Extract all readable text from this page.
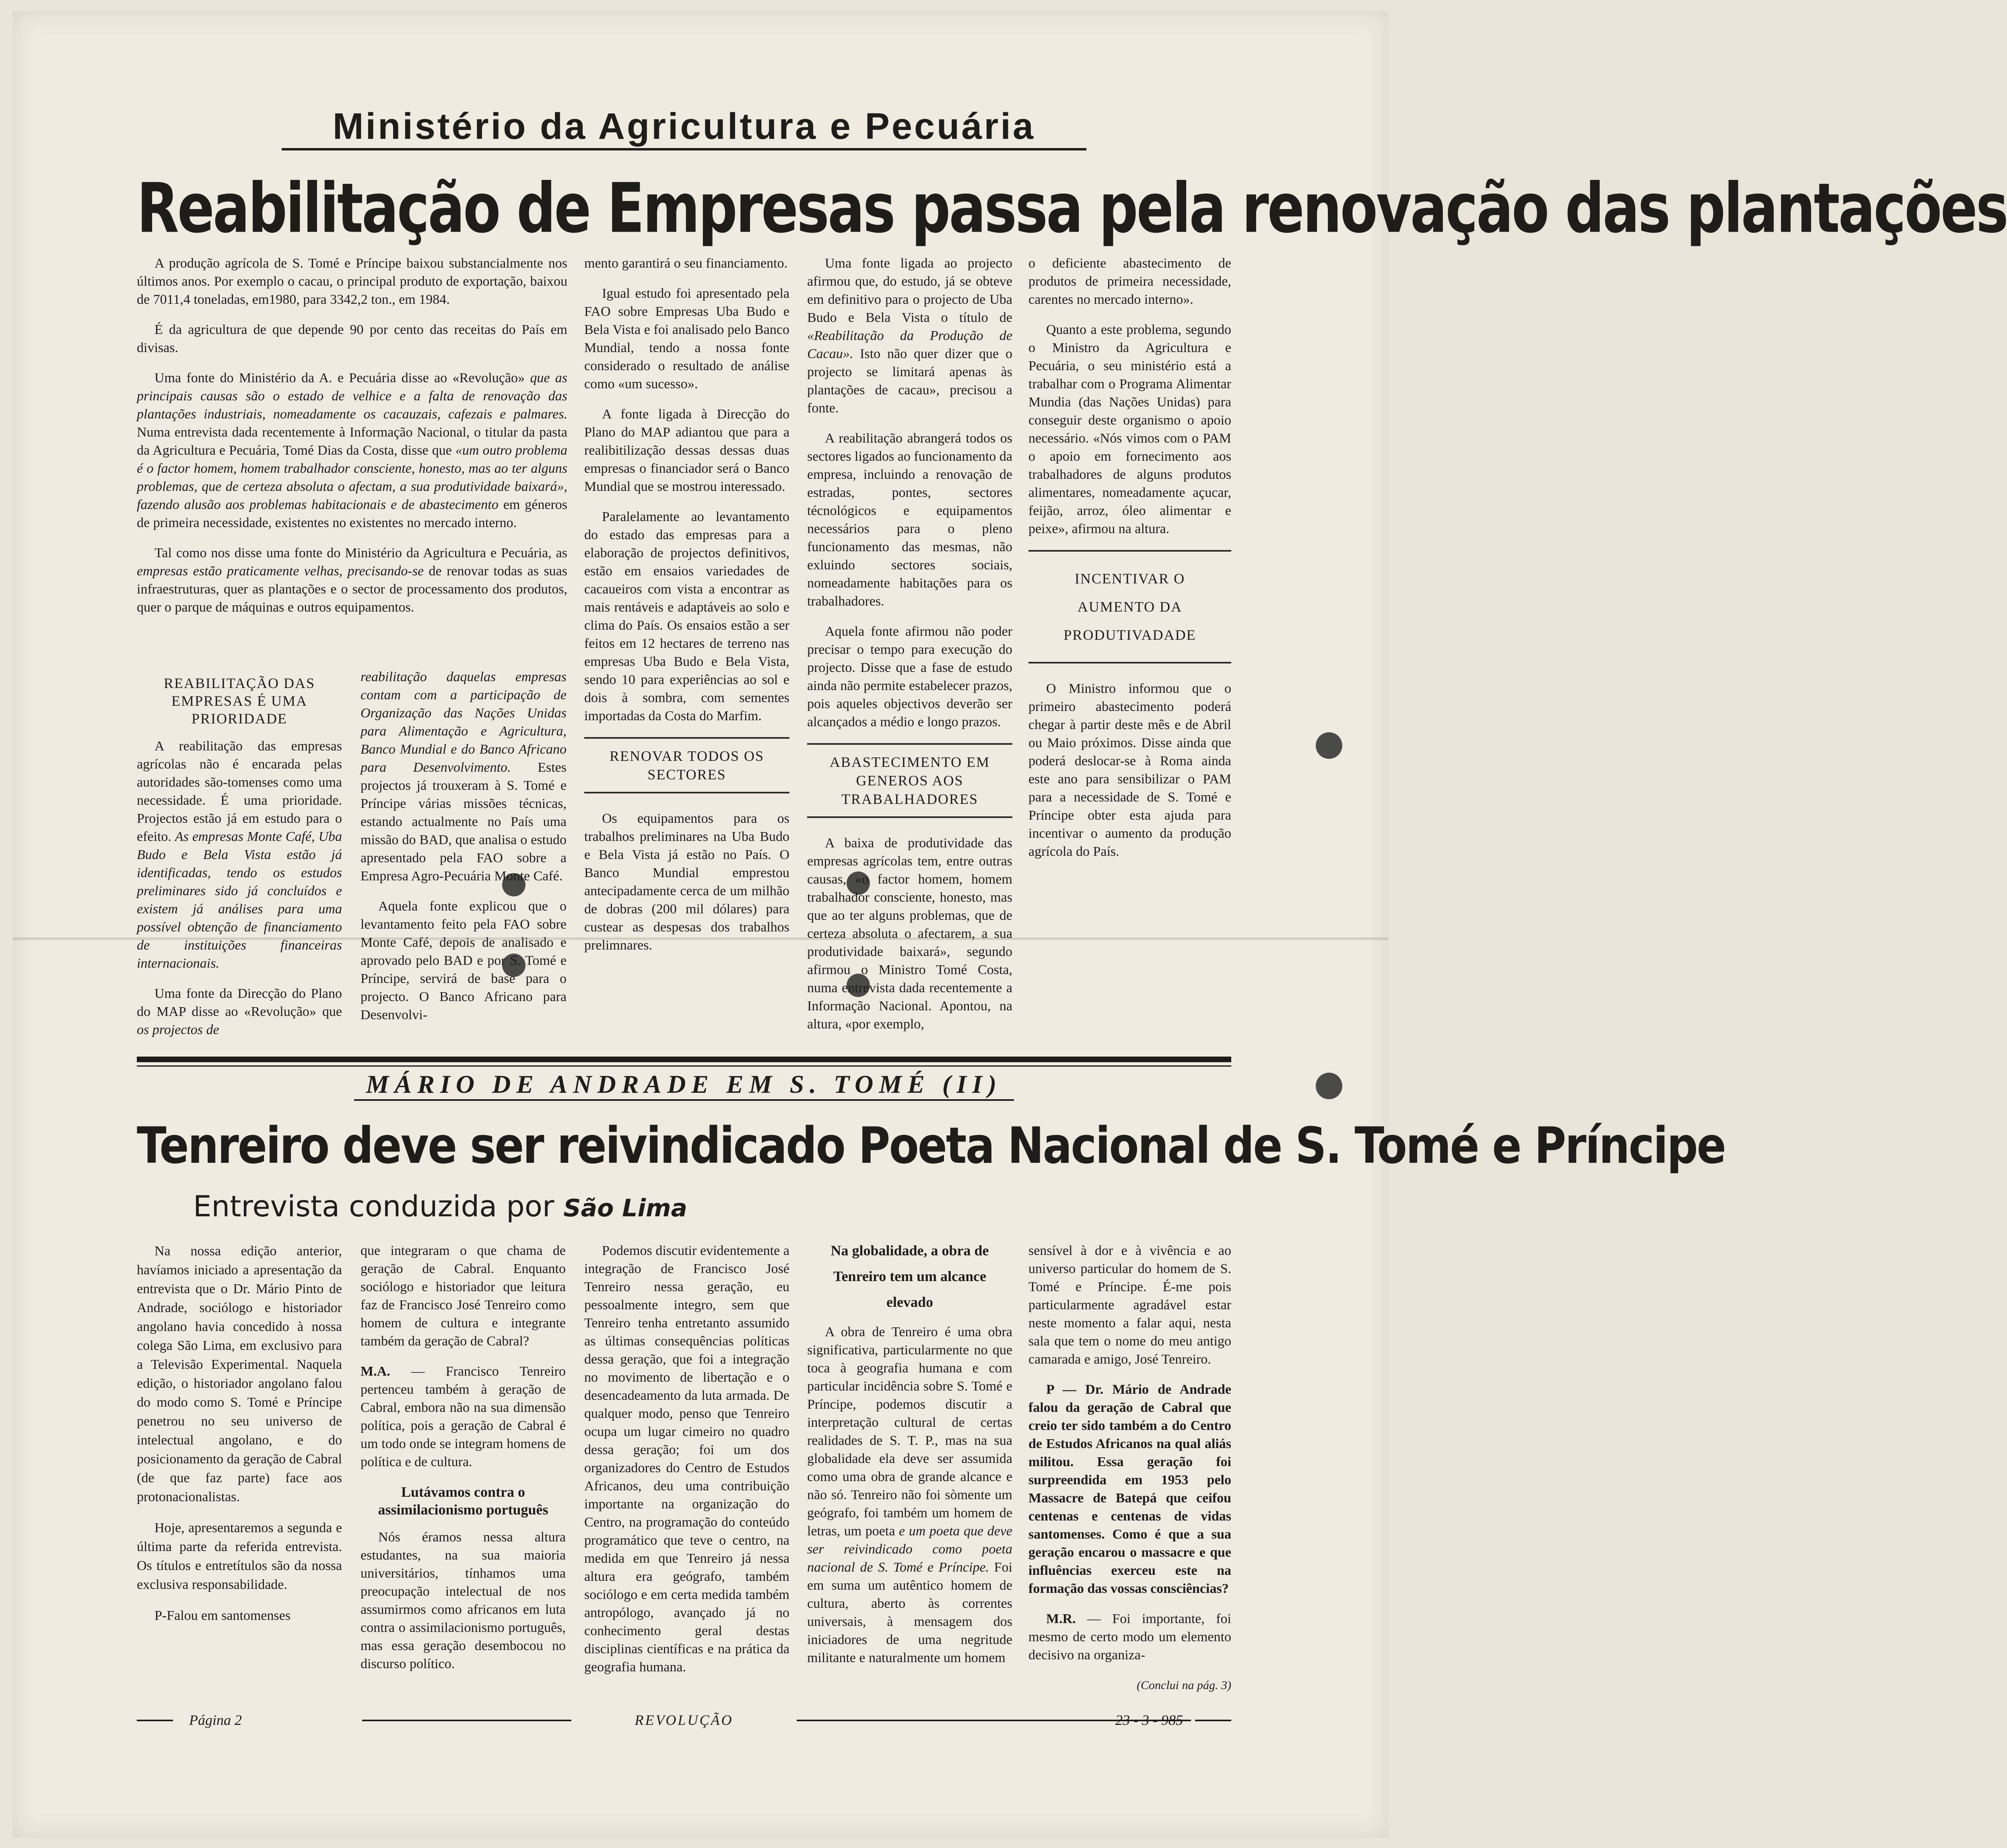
Ministério da Agricultura e Pecuária
Reabilitação de Empresas passa pela renovação das plantações

A produção agrícola de S. Tomé e Príncipe baixou substancialmente nos últimos anos. Por exemplo o cacau, o principal produto de exportação, baixou de 7011,4 toneladas, em1980, para 3342,2 ton., em 1984.

É da agricultura de que depende 90 por cento das receitas do País em divisas.

Uma fonte do Ministério da A. e Pecuária disse ao «Revolução» que as principais causas são o estado de velhice e a falta de renovação das plantações industriais, nomeadamente os cacauzais, cafezais e palmares. Numa entrevista dada recentemente à Informação Nacional, o titular da pasta da Agricultura e Pecuária, Tomé Dias da Costa, disse que «um outro problema é o factor homem, homem trabalhador consciente, honesto, mas ao ter alguns problemas, que de certeza absoluta o afectam, a sua produtividade baixará», fazendo alusão aos problemas habitacionais e de abastecimento em géneros de primeira necessidade, existentes no existentes no mercado interno.

Tal como nos disse uma fonte do Ministério da Agricultura e Pecuária, as empresas estão praticamente velhas, precisando-se de renovar todas as suas infraestruturas, quer as plantações e o sector de processamento dos produtos, quer o parque de máquinas e outros equipamentos.

REABILITAÇÃO DAS EMPRESAS É UMA PRIORIDADE

A reabilitação das empresas agrícolas não é encarada pelas autoridades são-tomenses como uma necessidade. É uma prioridade. Projectos estão já em estudo para o efeito. As empresas Monte Café, Uba Budo e Bela Vista estão já identificadas, tendo os estudos preliminares sido já concluídos e existem já análises para uma possível obtenção de financiamento de instituições financeiras internacionais.

Uma fonte da Direcção do Plano do MAP disse ao «Revolução» que os projectos de

reabilitação daquelas empresas contam com a participação de Organização das Nações Unidas para Alimentação e Agricultura, Banco Mundial e do Banco Africano para Desenvolvimento. Estes projectos já trouxeram à S. Tomé e Príncipe várias missões técnicas, estando actualmente no País uma missão do BAD, que analisa o estudo apresentado pela FAO sobre a Empresa Agro-Pecuária Monte Café.

Aquela fonte explicou que o levantamento feito pela FAO sobre Monte Café, depois de analisado e aprovado pelo BAD e por S. Tomé e Príncipe, servirá de base para o projecto. O Banco Africano para Desenvolvi-

mento garantirá o seu financiamento.

Igual estudo foi apresentado pela FAO sobre Empresas Uba Budo e Bela Vista e foi analisado pelo Banco Mundial, tendo a nossa fonte considerado o resultado de análise como «um sucesso».

A fonte ligada à Direcção do Plano do MAP adiantou que para a realibitilização dessas dessas duas empresas o financiador será o Banco Mundial que se mostrou interessado.

Paralelamente ao levantamento do estado das empresas para a elaboração de projectos definitivos, estão em ensaios variedades de cacaueiros com vista a encontrar as mais rentáveis e adaptáveis ao solo e clima do País. Os ensaios estão a ser feitos em 12 hectares de terreno nas empresas Uba Budo e Bela Vista, sendo 10 para experiências ao sol e dois à sombra, com sementes importadas da Costa do Marfim.

RENOVAR TODOS OS SECTORES

Os equipamentos para os trabalhos preliminares na Uba Budo e Bela Vista já estão no País. O Banco Mundial emprestou antecipadamente cerca de um milhão de dobras (200 mil dólares) para custear as despesas dos trabalhos prelimnares.

Uma fonte ligada ao projecto afirmou que, do estudo, já se obteve em definitivo para o projecto de Uba Budo e Bela Vista o título de «Reabilitação da Produção de Cacau». Isto não quer dizer que o projecto se limitará apenas às plantações de cacau», precisou a fonte.

A reabilitação abrangerá todos os sectores ligados ao funcionamento da empresa, incluindo a renovação de estradas, pontes, sectores técnológicos e equipamentos necessários para o pleno funcionamento das mesmas, não exluindo sectores sociais, nomeadamente habitações para os trabalhadores.

Aquela fonte afirmou não poder precisar o tempo para execução do projecto. Disse que a fase de estudo ainda não permite estabelecer prazos, pois aqueles objectivos deverão ser alcançados a médio e longo prazos.

ABASTECIMENTO EM GENEROS AOS TRABALHADORES

A baixa de produtividade das empresas agrícolas tem, entre outras causas, «o factor homem, homem trabalhador consciente, honesto, mas que ao ter alguns problemas, que de certeza absoluta o afectarem, a sua produtividade baixará», segundo afirmou o Ministro Tomé Costa, numa entrevista dada recentemente a Informação Nacional. Apontou, na altura, «por exemplo,

o deficiente abastecimento de produtos de primeira necessidade, carentes no mercado interno».

Quanto a este problema, segundo o Ministro da Agricultura e Pecuária, o seu ministério está a trabalhar com o Programa Alimentar Mundia (das Nações Unidas) para conseguir deste organismo o apoio necessário. «Nós vimos com o PAM o apoio em fornecimento aos trabalhadores de alguns produtos alimentares, nomeadamente açucar, feijão, arroz, óleo alimentar e peixe», afirmou na altura.

INCENTIVAR O
AUMENTO DA
PRODUTIVADADE

O Ministro informou que o primeiro abastecimento poderá chegar à partir deste mês e de Abril ou Maio próximos. Disse ainda que poderá deslocar-se à Roma ainda este ano para sensibilizar o PAM para a necessidade de S. Tomé e Príncipe obter esta ajuda para incentivar o aumento da produção agrícola do País.

MÁRIO DE ANDRADE EM S. TOMÉ (II)
Tenreiro deve ser reivindicado Poeta Nacional de S. Tomé e Príncipe
Entrevista conduzida por São Lima

Na nossa edição anterior, havíamos iniciado a apresentação da entrevista que o Dr. Mário Pinto de Andrade, sociólogo e historiador angolano havia concedido à nossa colega São Lima, em exclusivo para a Televisão Experimental. Naquela edição, o historiador angolano falou do modo como S. Tomé e Príncipe penetrou no seu universo de intelectual angolano, e do posicionamento da geração de Cabral (de que faz parte) face aos protonacionalistas.

Hoje, apresentaremos a segunda e última parte da referida entrevista. Os títulos e entretítulos são da nossa exclusiva responsabilidade.

P-Falou em santomenses

que integraram o que chama de geração de Cabral. Enquanto sociólogo e historiador que leitura faz de Francisco José Tenreiro como homem de cultura e integrante também da geração de Cabral?

M.A. — Francisco Tenreiro pertenceu também à geração de Cabral, embora não na sua dimensão política, pois a geração de Cabral é um todo onde se integram homens de política e de cultura.

Lutávamos contra o assimilacionismo português

Nós éramos nessa altura estudantes, na sua maioria universitários, tínhamos uma preocupação intelectual de nos assumirmos como africanos em luta contra o assimilacionismo português, mas essa geração desembocou no discurso político.

Podemos discutir evidentemente a integração de Francisco José Tenreiro nessa geração, eu pessoalmente integro, sem que Tenreiro tenha entretanto assumido as últimas consequências políticas dessa geração, que foi a integração no movimento de libertação e o desencadeamento da luta armada. De qualquer modo, penso que Tenreiro ocupa um lugar cimeiro no quadro dessa geração; foi um dos organizadores do Centro de Estudos Africanos, deu uma contribuição importante na organização do Centro, na programação do conteúdo programático que teve o centro, na medida em que Tenreiro já nessa altura era geógrafo, também sociólogo e em certa medida também antropólogo, avançado já no conhecimento geral destas disciplinas científicas e na prática da geografia humana.

Na globalidade, a obra de
Tenreiro tem um alcance
elevado

A obra de Tenreiro é uma obra significativa, particularmente no que toca à geografia humana e com particular incidência sobre S. Tomé e Príncipe, podemos discutir a interpretação cultural de certas realidades de S. T. P., mas na sua globalidade ela deve ser assumida como uma obra de grande alcance e não só. Tenreiro não foi sòmente um geógrafo, foi também um homem de letras, um poeta e um poeta que deve ser reivindicado como poeta nacional de S. Tomé e Príncipe. Foi em suma um autêntico homem de cultura, aberto às correntes universais, à mensagem dos iniciadores de uma negritude militante e naturalmente um homem

sensível à dor e à vivência e ao universo particular do homem de S. Tomé e Príncipe. É-me pois particularmente agradável estar neste momento a falar aqui, nesta sala que tem o nome do meu antigo camarada e amigo, José Tenreiro.

P — Dr. Mário de Andrade falou da geração de Cabral que creio ter sido também a do Centro de Estudos Africanos na qual aliás militou. Essa geração foi surpreendida em 1953 pelo Massacre de Batepá que ceifou centenas e centenas de vidas santomenses. Como é que a sua geração encarou o massacre e que influências exerceu este na formação das vossas consciências?

M.R. — Foi importante, foi mesmo de certo modo um elemento decisivo na organiza-

(Conclui na pág. 3)
Página 2	REVOLUÇÃO	23 - 3 - 985
